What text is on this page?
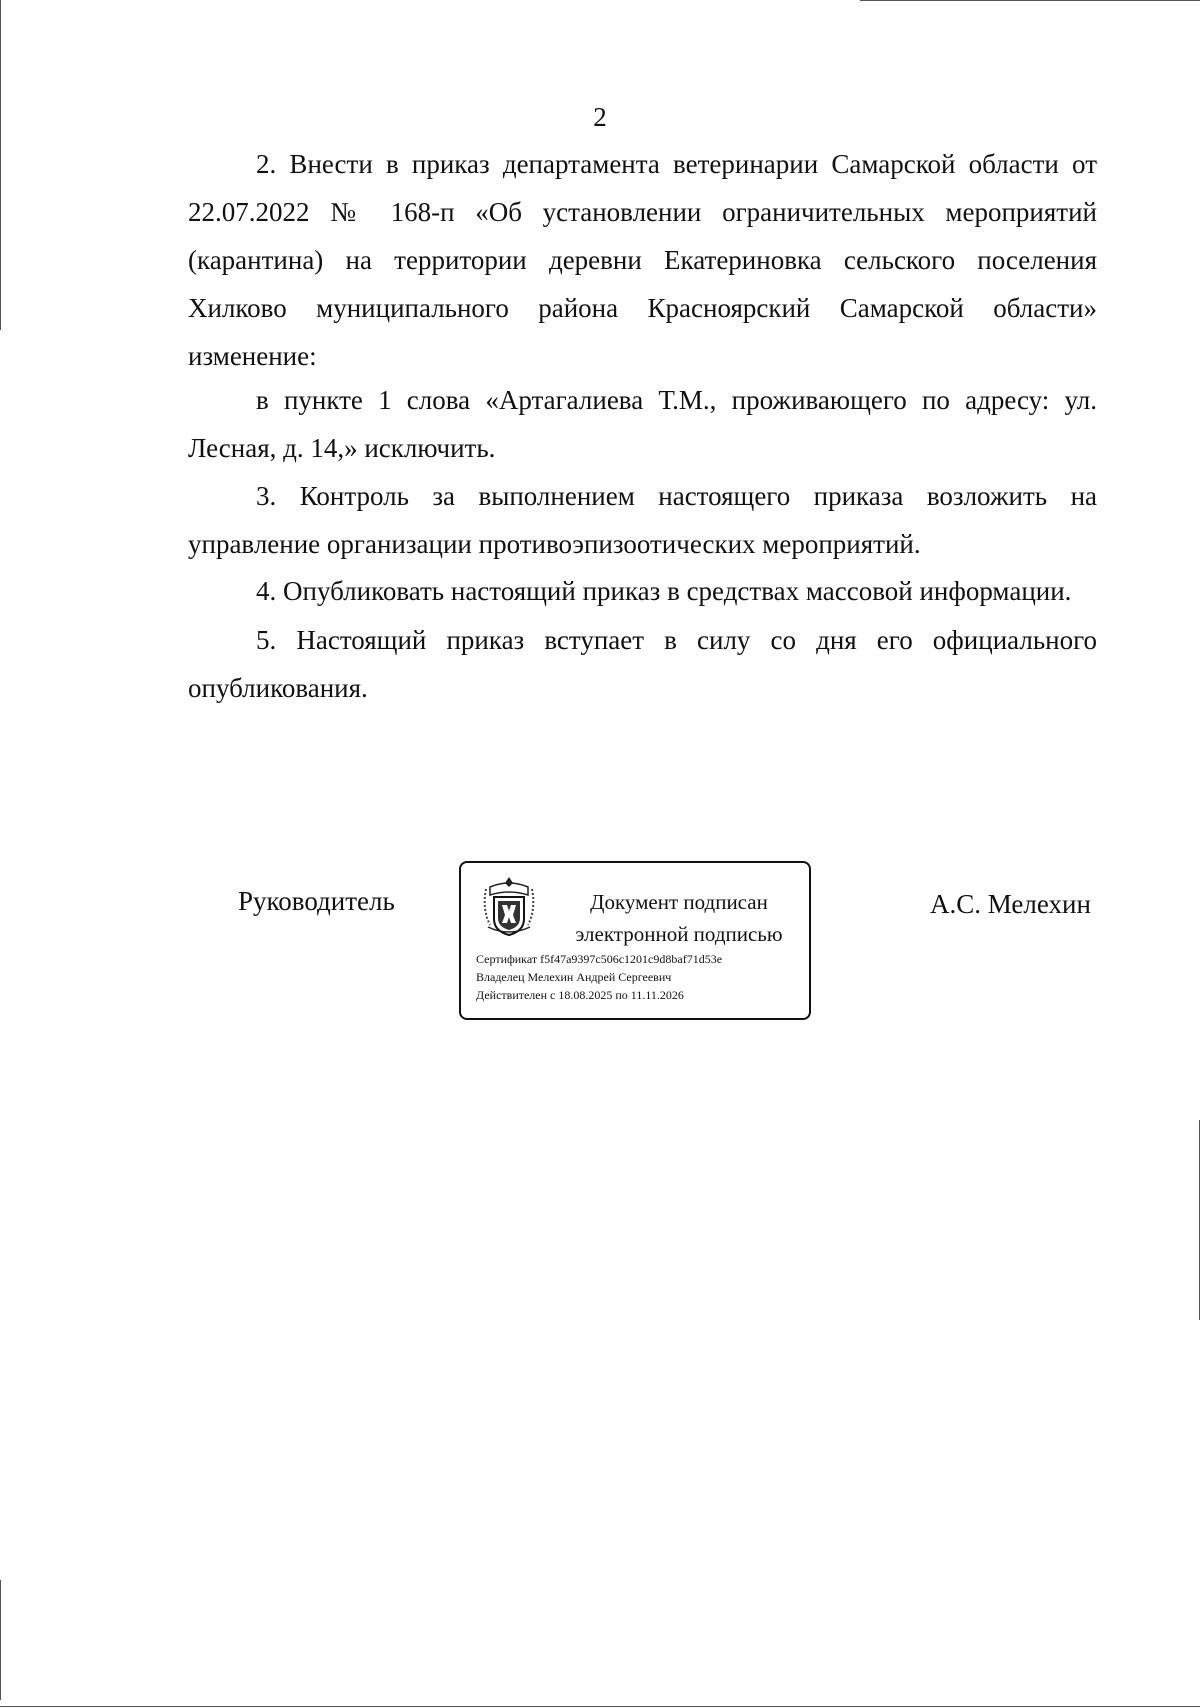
2

2. Внести в приказ департамента ветеринарии Самарской области от 22.07.2022 № 168-п «Об установлении ограничительных мероприятий (карантина) на территории деревни Екатериновка сельского поселения Хилково муниципального района Красноярский Самарской области» изменение:

в пункте 1 слова «Артагалиева Т.М., проживающего по адресу: ул. Лесная, д. 14,» исключить.

3. Контроль за выполнением настоящего приказа возложить на управление организации противоэпизоотических мероприятий.

4. Опубликовать настоящий приказ в средствах массовой информации.

5. Настоящий приказ вступает в силу со дня его официального опубликования.

Руководитель	Документ подписан
электронной подписью
Сертификат f5f47a9397c506c1201c9d8baf71d53e
Владелец Мелехин Андрей Сергеевич
Действителен с 18.08.2025 по 11.11.2026
А.С. Мелехин
